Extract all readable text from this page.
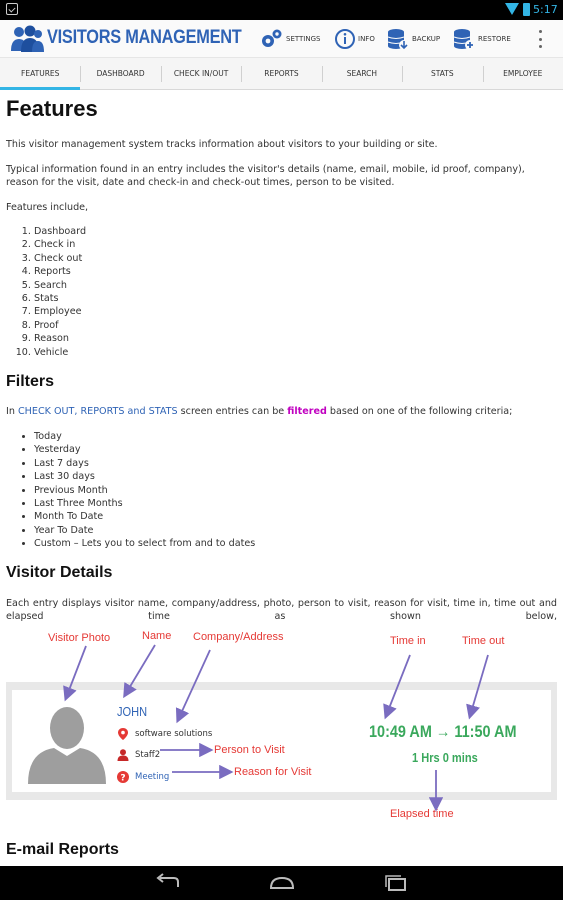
5:17
VISITORS MANAGEMENT	SETTINGS	INFO	BACKUP	RESTORE
FEATURES	DASHBOARD	CHECK IN/OUT	REPORTS	SEARCH	STATS	EMPLOYEE
Features

This visitor management system tracks information about visitors to your building or site.

Typical information found in an entry includes the visitor's details (name, email, mobile, id proof, company), reason for the visit, date and check-in and check-out times, person to be visited.

Features include,

1. Dashboard
2. Check in
3. Check out
4. Reports
5. Search
6. Stats
7. Employee
8. Proof
9. Reason
10. Vehicle
Filters

In CHECK OUT, REPORTS and STATS screen entries can be filtered based on one of the following criteria;

• Today
• Yesterday
• Last 7 days
• Last 30 days
• Previous Month
• Last Three Months
• Month To Date
• Year To Date
• Custom – Lets you to select from and to dates
Visitor Details

Each entry displays visitor name, company/address, photo, person to visit, reason for visit, time in, time out and elapsed time as shown below,

Visitor Photo	Name Company/Address	Time in	Time out
JOHN
software solutions
Staff2
? Meeting
10:49 AM → 11:50 AM
1 Hrs 0 mins
Person to Visit
Reason for Visit
Elapsed time
E-mail Reports
